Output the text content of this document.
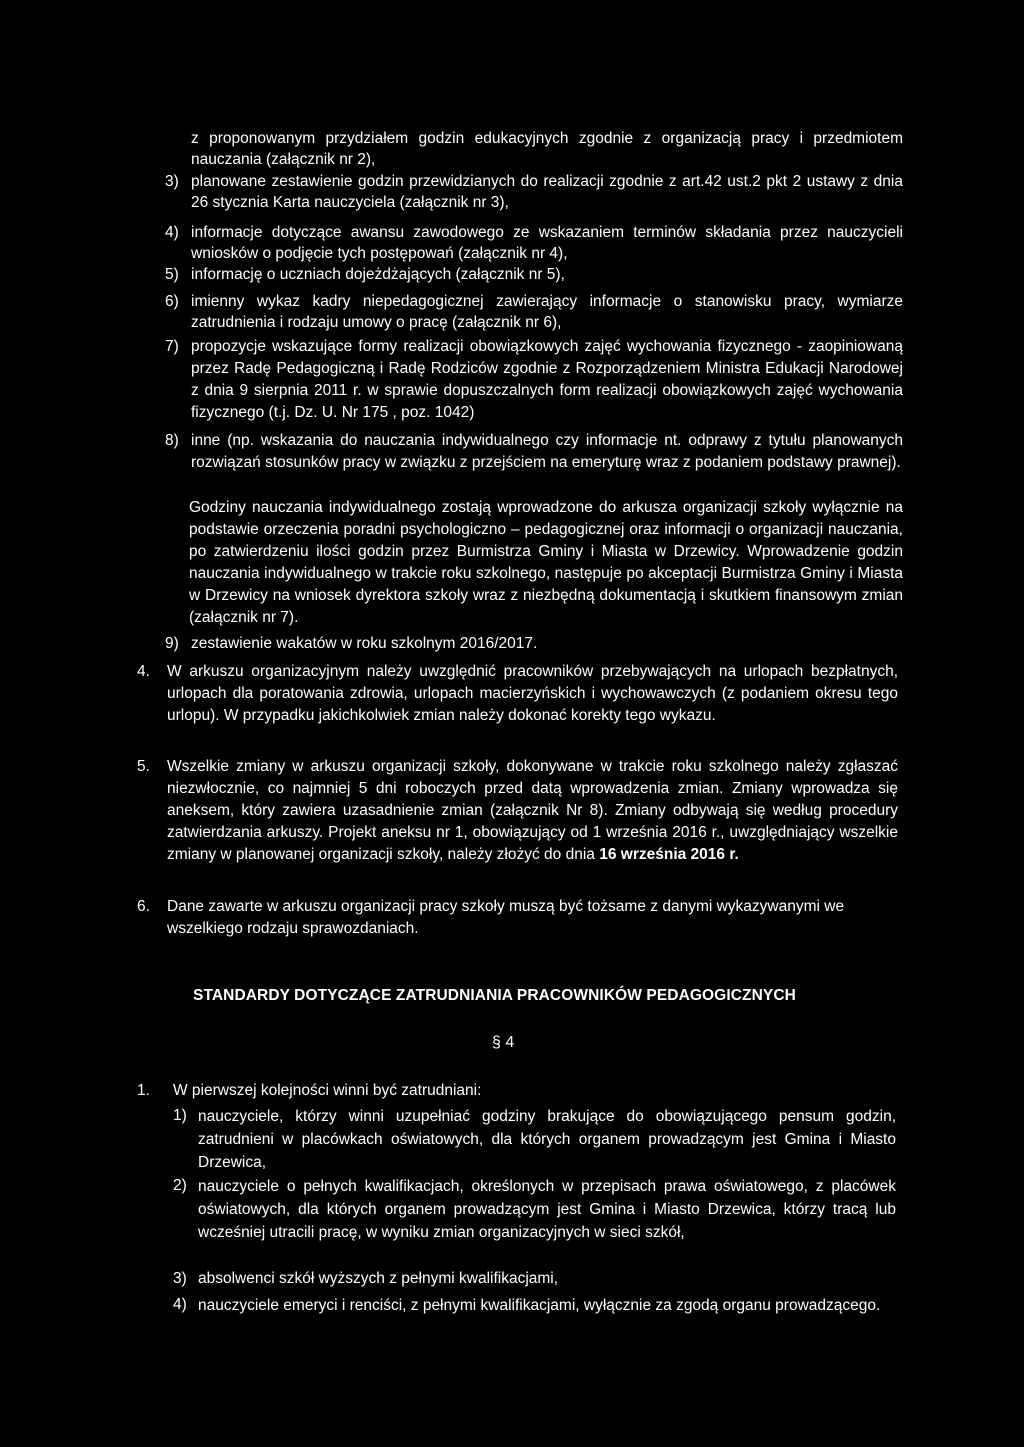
z proponowanym przydziałem godzin edukacyjnych zgodnie z organizacją pracy i przedmiotem nauczania (załącznik nr 2),
3) planowane zestawienie godzin przewidzianych do realizacji zgodnie z art.42 ust.2 pkt 2 ustawy z dnia 26 stycznia Karta nauczyciela (załącznik nr 3),
4) informacje dotyczące awansu zawodowego ze wskazaniem terminów składania przez nauczycieli wniosków o podjęcie tych postępowań (załącznik nr 4),
5) informację o uczniach dojeżdżających (załącznik nr 5),
6) imienny wykaz kadry niepedagogicznej zawierający informacje o stanowisku pracy, wymiarze zatrudnienia i rodzaju umowy o pracę (załącznik nr 6),
7) propozycje wskazujące formy realizacji obowiązkowych zajęć wychowania fizycznego - zaopiniowaną przez Radę Pedagogiczną i Radę Rodziców zgodnie z Rozporządzeniem Ministra Edukacji Narodowej z dnia 9 sierpnia 2011 r. w sprawie dopuszczalnych form realizacji obowiązkowych zajęć wychowania fizycznego (t.j. Dz. U. Nr 175 , poz. 1042)
8) inne (np. wskazania do nauczania indywidualnego czy informacje nt. odprawy z tytułu planowanych rozwiązań stosunków pracy w związku z przejściem na emeryturę wraz z podaniem podstawy prawnej).
Godziny nauczania indywidualnego zostają wprowadzone do arkusza organizacji szkoły wyłącznie na podstawie orzeczenia poradni psychologiczno – pedagogicznej oraz informacji o organizacji nauczania, po zatwierdzeniu ilości godzin przez Burmistrza Gminy i Miasta w Drzewicy. Wprowadzenie godzin nauczania indywidualnego w trakcie roku szkolnego, następuje po akceptacji Burmistrza Gminy i Miasta w Drzewicy na wniosek dyrektora szkoły wraz z niezbędną dokumentacją i skutkiem finansowym zmian (załącznik nr 7).
9) zestawienie wakatów w roku szkolnym 2016/2017.
4. W arkuszu organizacyjnym należy uwzględnić pracowników przebywających na urlopach bezpłatnych, urlopach dla poratowania zdrowia, urlopach macierzyńskich i wychowawczych (z podaniem okresu tego urlopu). W przypadku jakichkolwiek zmian należy dokonać korekty tego wykazu.
5. Wszelkie zmiany w arkuszu organizacji szkoły, dokonywane w trakcie roku szkolnego należy zgłaszać niezwłocznie, co najmniej 5 dni roboczych przed datą wprowadzenia zmian. Zmiany wprowadza się aneksem, który zawiera uzasadnienie zmian (załącznik Nr 8). Zmiany odbywają się według procedury zatwierdzania arkuszy. Projekt aneksu nr 1, obowiązujący od 1 września 2016 r., uwzględniający wszelkie zmiany w planowanej organizacji szkoły, należy złożyć do dnia 16 września 2016 r.
6. Dane zawarte w arkuszu organizacji pracy szkoły muszą być tożsame z danymi wykazywanymi we wszelkiego rodzaju sprawozdaniach.
STANDARDY DOTYCZĄCE ZATRUDNIANIA PRACOWNIKÓW PEDAGOGICZNYCH
§ 4
1. W pierwszej kolejności winni być zatrudniani:
1) nauczyciele, którzy winni uzupełniać godziny brakujące do obowiązującego pensum godzin, zatrudnieni w placówkach oświatowych, dla których organem prowadzącym jest Gmina i Miasto Drzewica,
2) nauczyciele o pełnych kwalifikacjach, określonych w przepisach prawa oświatowego, z placówek oświatowych, dla których organem prowadzącym jest Gmina i Miasto Drzewica, którzy tracą lub wcześniej utracili pracę, w wyniku zmian organizacyjnych w sieci szkół,
3) absolwenci szkół wyższych z pełnymi kwalifikacjami,
4) nauczyciele emeryci i renciści, z pełnymi kwalifikacjami, wyłącznie za zgodą organu prowadzącego.
